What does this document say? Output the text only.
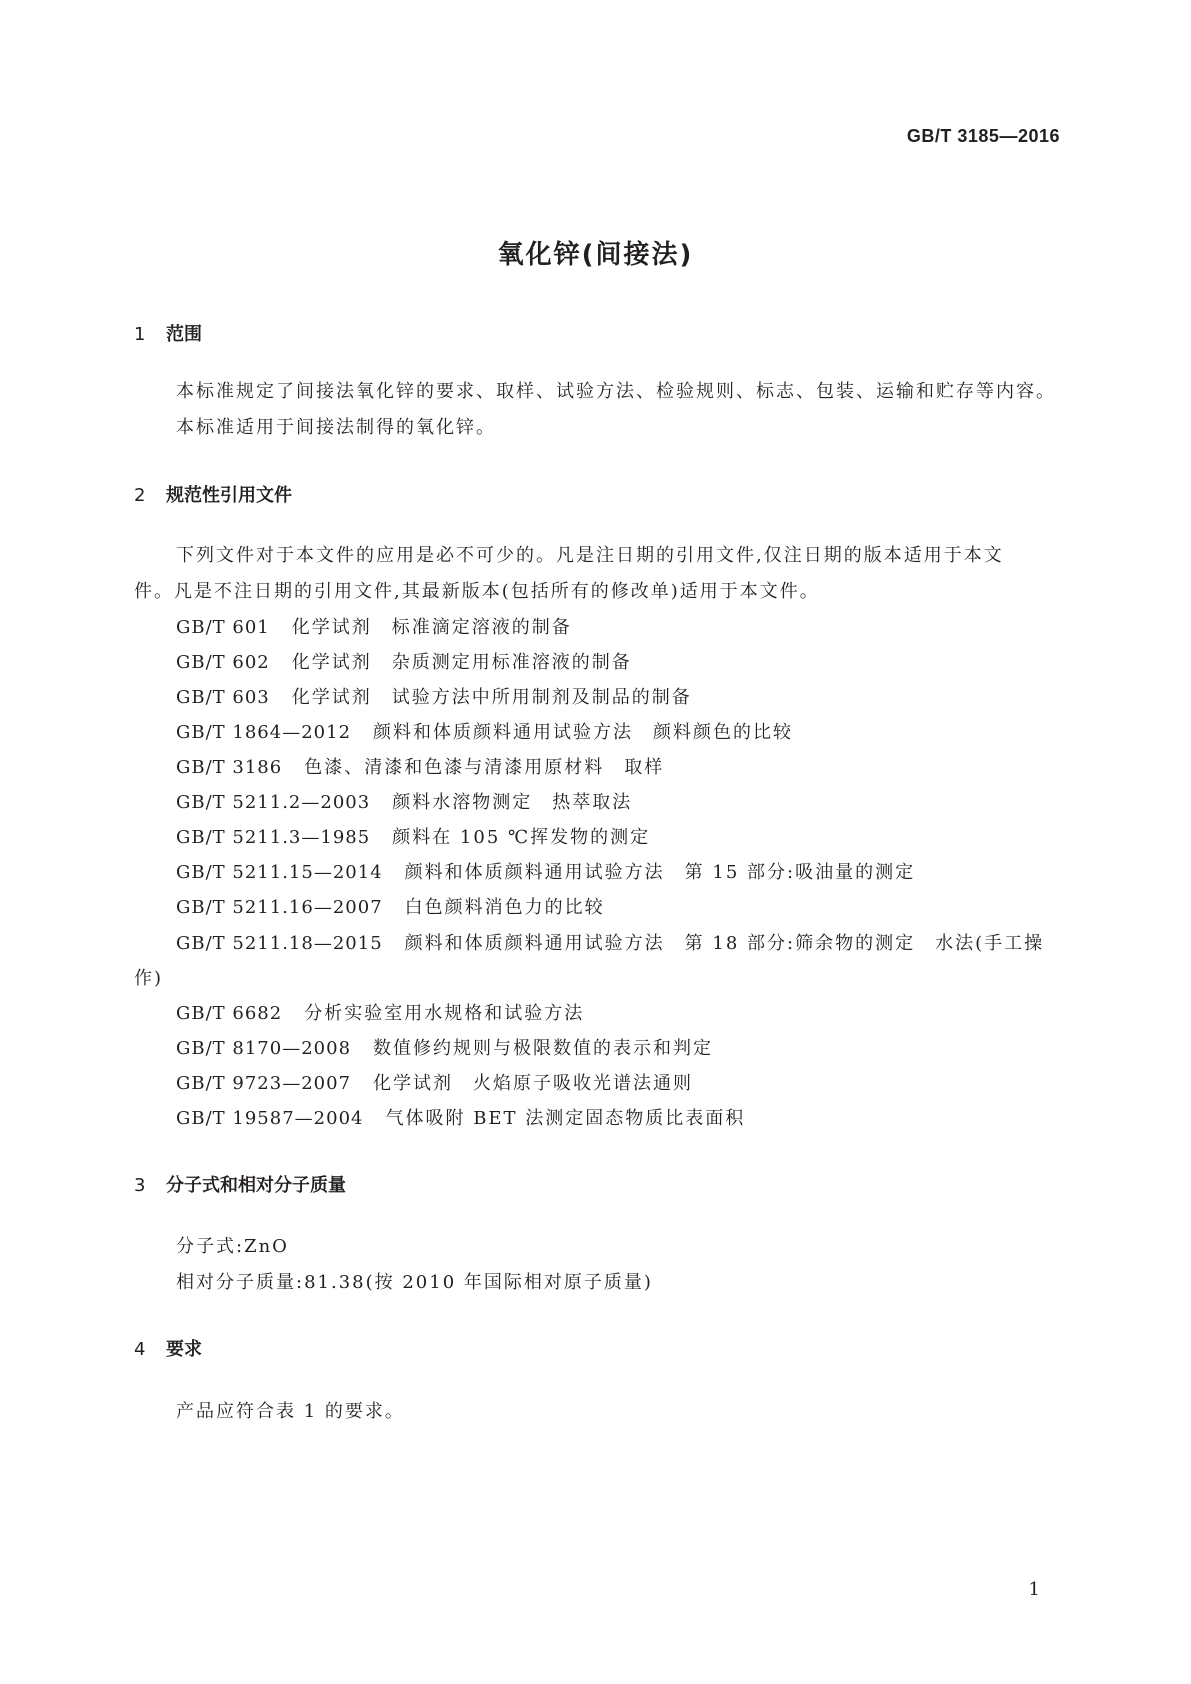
GB/T 3185—2016
氧化锌(间接法)
1 范围
本标准规定了间接法氧化锌的要求、取样、试验方法、检验规则、标志、包装、运输和贮存等内容。
本标准适用于间接法制得的氧化锌。
2 规范性引用文件
下列文件对于本文件的应用是必不可少的。凡是注日期的引用文件,仅注日期的版本适用于本文
件。凡是不注日期的引用文件,其最新版本(包括所有的修改单)适用于本文件。
GB/T 601 化学试剂　标准滴定溶液的制备
GB/T 602 化学试剂　杂质测定用标准溶液的制备
GB/T 603 化学试剂　试验方法中所用制剂及制品的制备
GB/T 1864—2012 颜料和体质颜料通用试验方法　颜料颜色的比较
GB/T 3186 色漆、清漆和色漆与清漆用原材料　取样
GB/T 5211.2—2003 颜料水溶物测定　热萃取法
GB/T 5211.3—1985 颜料在 105 ℃挥发物的测定
GB/T 5211.15—2014 颜料和体质颜料通用试验方法　第 15 部分:吸油量的测定
GB/T 5211.16—2007 白色颜料消色力的比较
GB/T 5211.18—2015 颜料和体质颜料通用试验方法　第 18 部分:筛余物的测定　水法(手工操
作)
GB/T 6682 分析实验室用水规格和试验方法
GB/T 8170—2008 数值修约规则与极限数值的表示和判定
GB/T 9723—2007 化学试剂　火焰原子吸收光谱法通则
GB/T 19587—2004 气体吸附 BET 法测定固态物质比表面积
3 分子式和相对分子质量
分子式:ZnO
相对分子质量:81.38(按 2010 年国际相对原子质量)
4 要求
产品应符合表 1 的要求。
1
